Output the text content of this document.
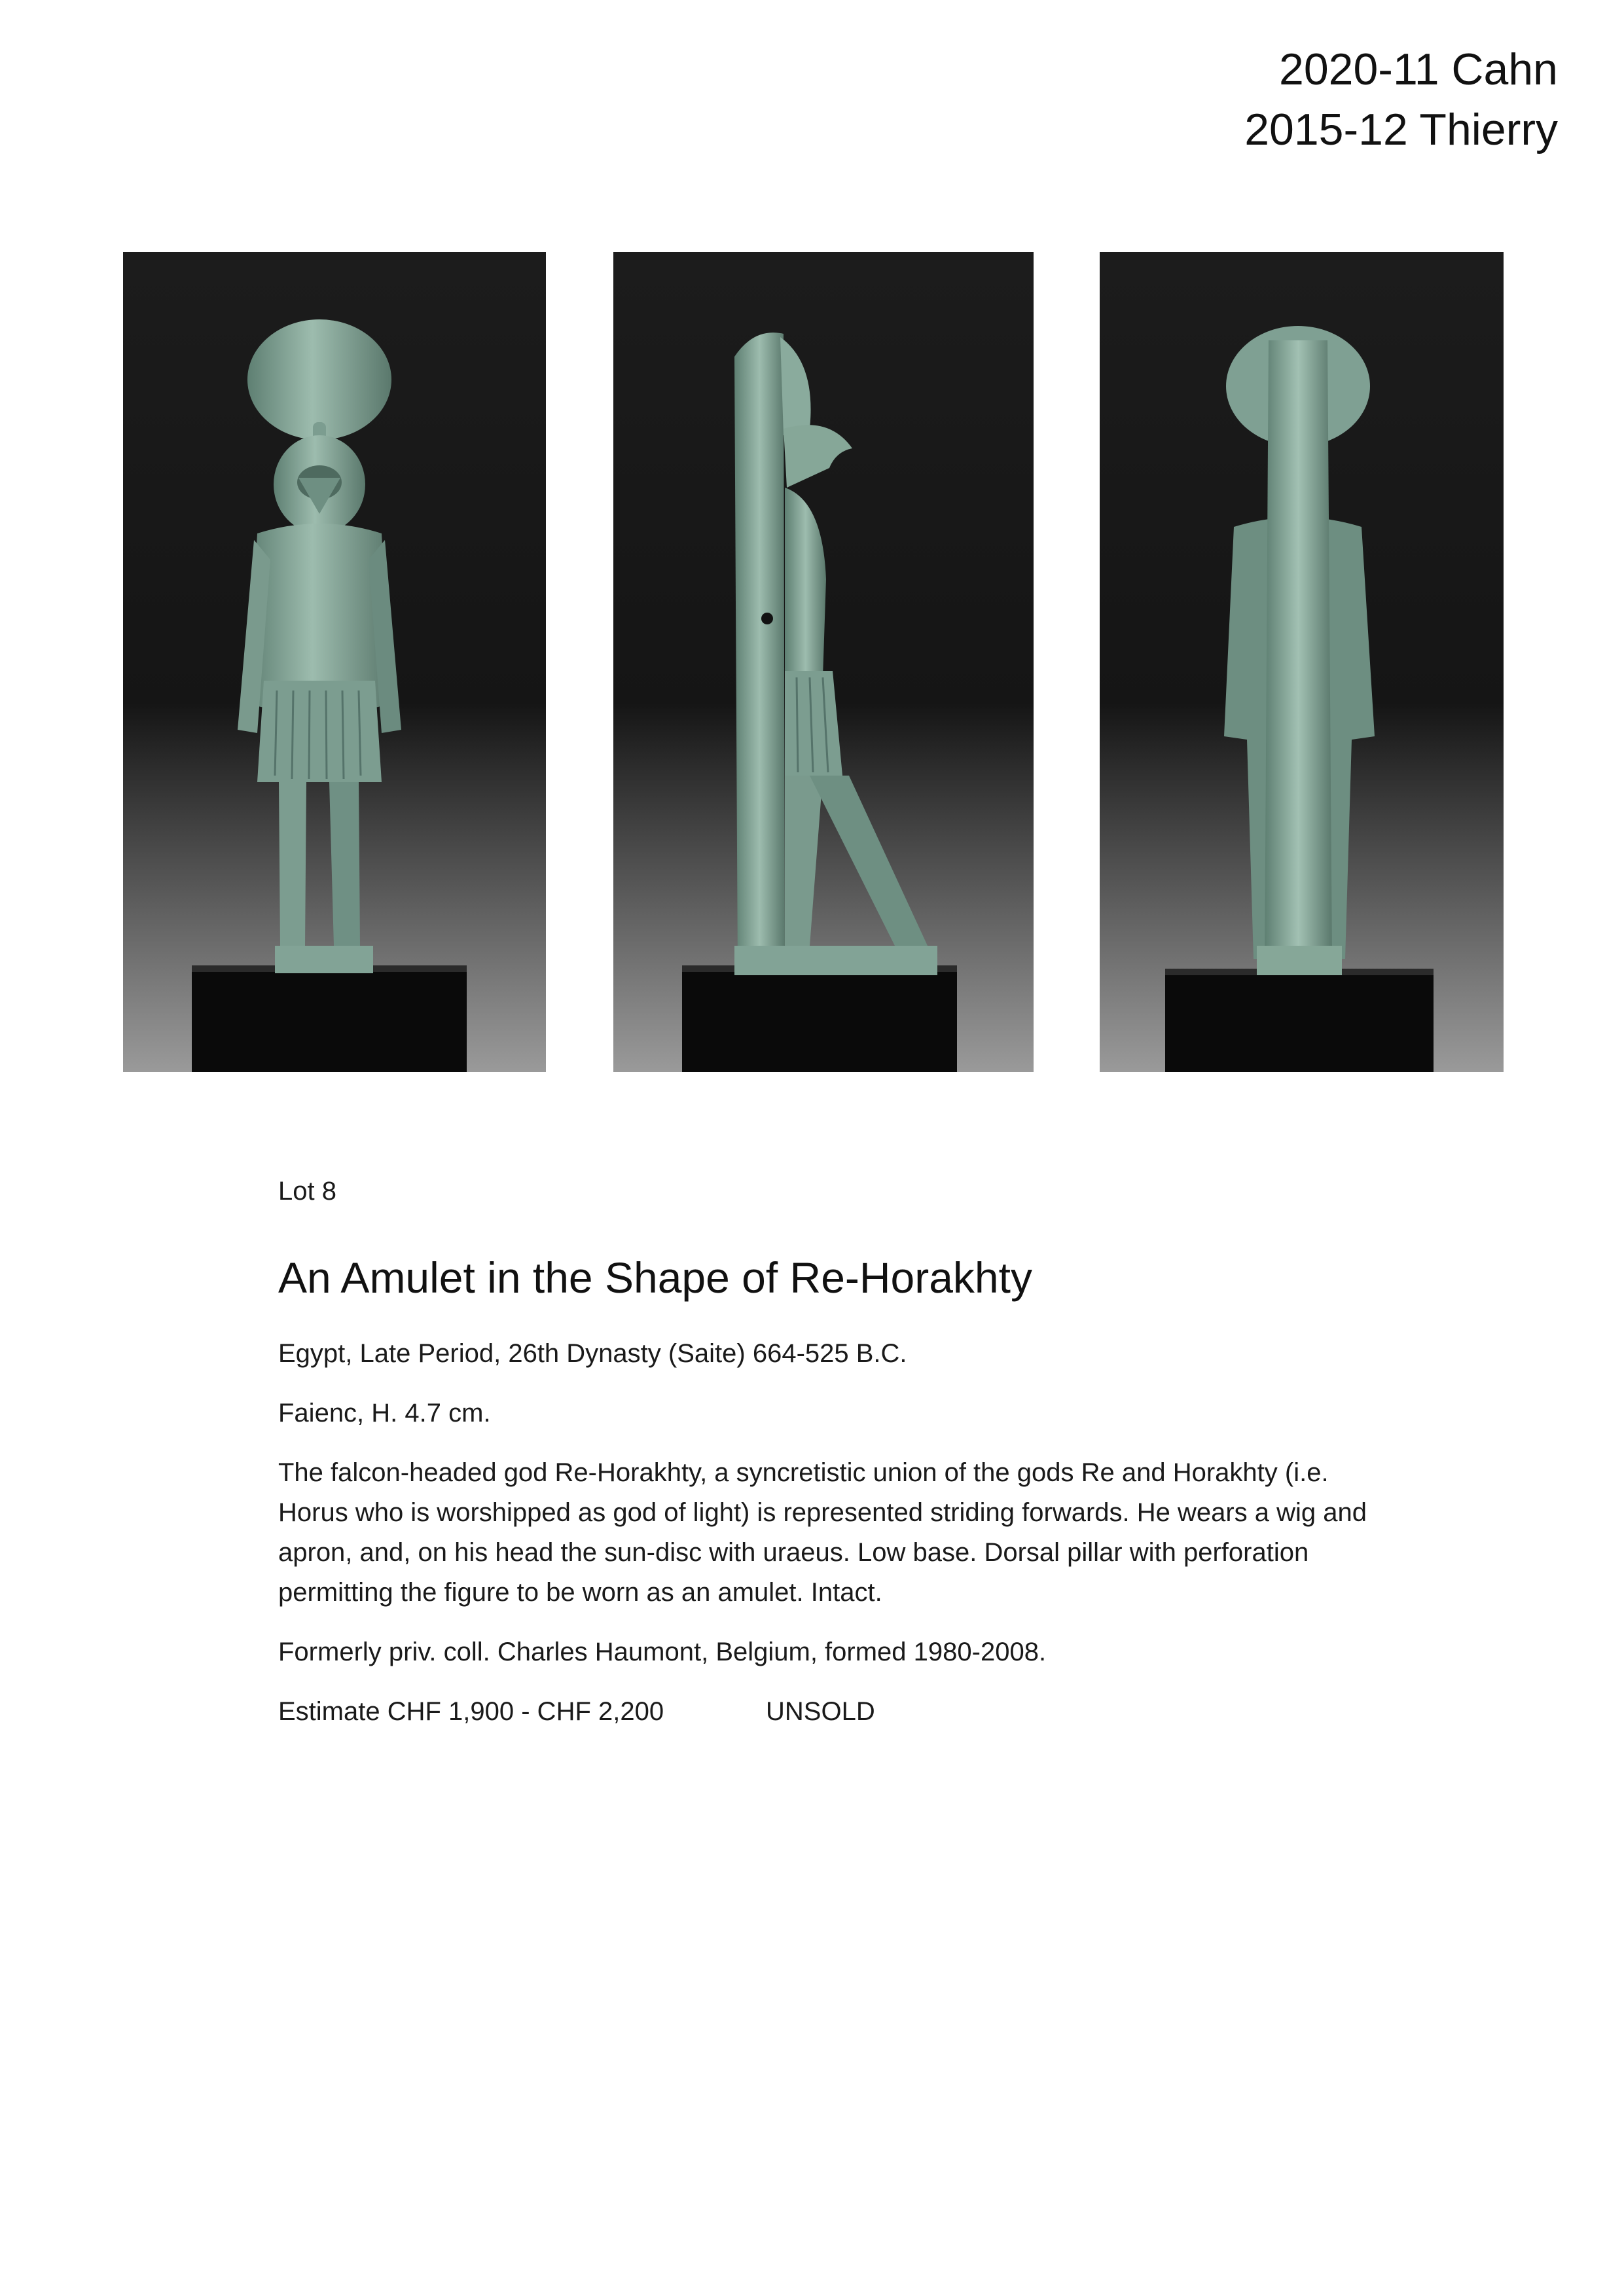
2020-11 Cahn
2015-12 Thierry
Lot 8
An Amulet in the Shape of Re-Horakhty

Egypt, Late Period, 26th Dynasty (Saite) 664-525 B.C.

Faienc, H. 4.7 cm.

The falcon-headed god Re-Horakhty, a syncretistic union of the gods Re and Horakhty (i.e. Horus who is worshipped as god of light) is represented striding forwards. He wears a wig and apron, and, on his head the sun-disc with uraeus. Low base. Dorsal pillar with perforation permitting the figure to be worn as an amulet. Intact.

Formerly priv. coll. Charles Haumont, Belgium, formed 1980-2008.

Estimate CHF 1,900 - CHF 2,200	UNSOLD
